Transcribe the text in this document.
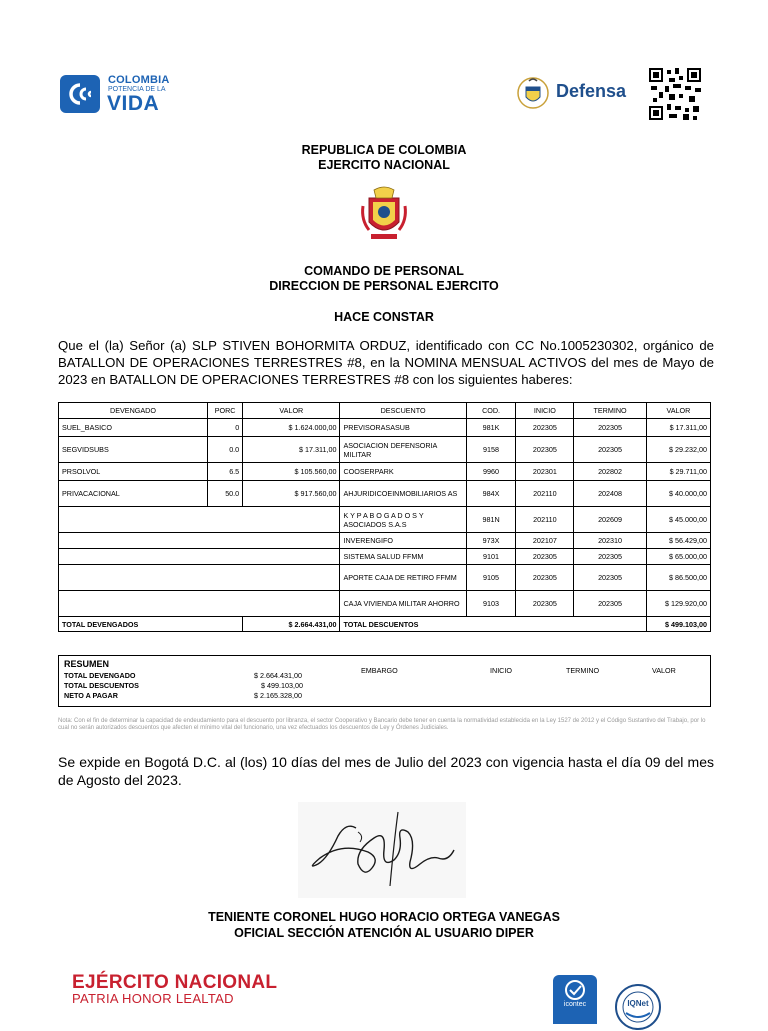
COLOMBIA
POTENCIA DE LA
VIDA
Defensa
REPUBLICA DE COLOMBIA
EJERCITO NACIONAL
COMANDO DE PERSONAL
DIRECCION DE PERSONAL EJERCITO
HACE CONSTAR
Que el (la) Señor (a) SLP STIVEN BOHORMITA ORDUZ, identificado con CC No.1005230302, orgánico de BATALLON DE OPERACIONES TERRESTRES #8, en la NOMINA MENSUAL ACTIVOS del mes de Mayo de 2023 en BATALLON DE OPERACIONES TERRESTRES #8 con los siguientes haberes:
DEVENGADO	PORC	VALOR	DESCUENTO	COD.	INICIO	TERMINO	VALOR
SUEL_BASICO	0	$ 1.624.000,00	PREVISORASASUB	981K	202305	202305	$ 17.311,00
SEGVIDSUBS	0.0	$ 17.311,00	ASOCIACION DEFENSORIA MILITAR	9158	202305	202305	$ 29.232,00
PRSOLVOL	6.5	$ 105.560,00	COOSERPARK	9960	202301	202802	$ 29.711,00
PRIVACACIONAL	50.0	$ 917.560,00	AHJURIDICOEINMOBILIARIOS AS	984X	202110	202408	$ 40.000,00
			K Y P A B O G A D O S Y ASOCIADOS S.A.S	981N	202110	202609	$ 45.000,00
			INVERENGIFO	973X	202107	202310	$ 56.429,00
			SISTEMA SALUD FFMM	9101	202305	202305	$ 65.000,00
			APORTE CAJA DE RETIRO FFMM	9105	202305	202305	$ 86.500,00
			CAJA VIVIENDA MILITAR AHORRO	9103	202305	202305	$ 129.920,00
TOTAL DEVENGADOS		$ 2.664.431,00	TOTAL DESCUENTOS				$ 499.103,00
RESUMEN
TOTAL DEVENGADO	$ 2.664.431,00
TOTAL DESCUENTOS	$ 499.103,00
NETO A PAGAR	$ 2.165.328,00
EMBARGO	INICIO	TERMINO	VALOR
Nota: Con el fin de determinar la capacidad de endeudamiento para el descuento por libranza, el sector Cooperativo y Bancario debe tener en cuenta la normatividad establecida en la Ley 1527 de 2012 y el Código Sustantivo del Trabajo, por lo cual no serán autorizados descuentos que afecten el mínimo vital del funcionario, una vez efectuados los descuentos de Ley y Órdenes Judiciales.
Se expide en Bogotá D.C. al (los) 10 días del mes de Julio del 2023 con vigencia hasta el día 09 del mes de Agosto del 2023.
TENIENTE CORONEL HUGO HORACIO ORTEGA VANEGAS
OFICIAL SECCIÓN ATENCIÓN AL USUARIO DIPER
EJÉRCITO NACIONAL
PATRIA HONOR LEALTAD	icontec	IQNet
